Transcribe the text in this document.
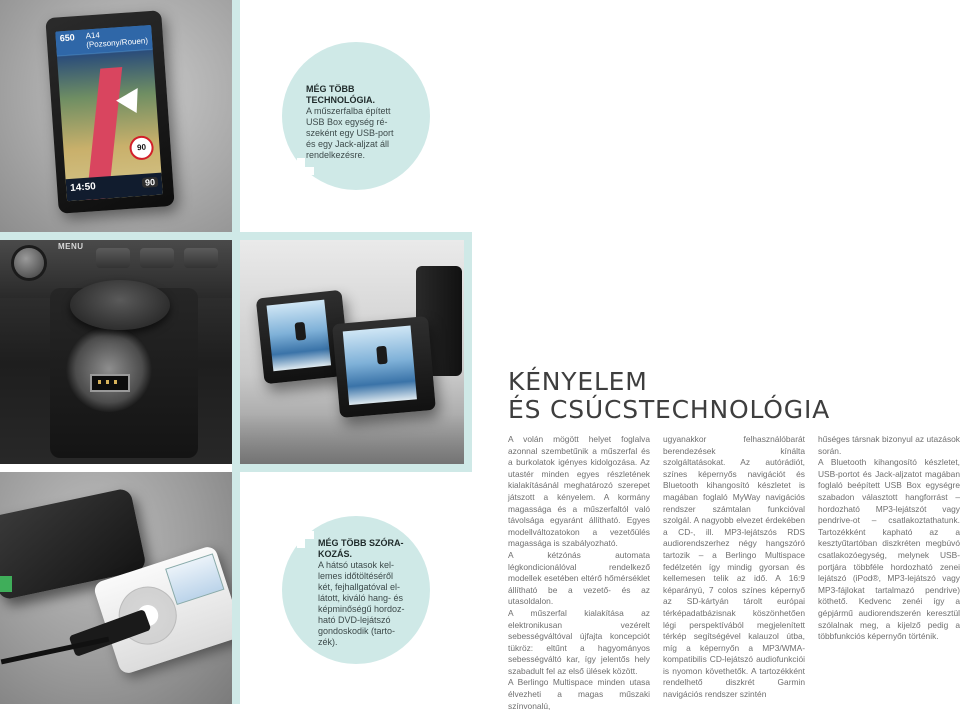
650 A14 (Pozsony/Rouen)
90
14:50	90
MENU
MÉG TÖBB
TECHNOLÓGIA.
A műszerfalba épített
USB Box egység ré-
szeként egy USB-port
és egy Jack-aljzat áll
rendelkezésre.
MÉG TÖBB SZÓRA-
KOZÁS.
A hátsó utasok kel-
lemes időtöltéséről
két, fejhallgatóval el-
látott, kiváló hang- és
képminőségű hordoz-
ható DVD-lejátszó
gondoskodik (tarto-
zék).
KÉNYELEM
ÉS CSÚCSTECHNOLÓGIA

A volán mögött helyet foglalva azonnal szembetűnik a műszerfal és a burkolatok igényes kidolgozása. Az utastér minden egyes részletének kialakításánál meghatározó szerepet játszott a kényelem. A kormány magassága és a műszerfaltól való távolsága egyaránt állítható. Egyes modellváltozatokon a vezetőülés magassága is szabályozható.

A kétzónás automata légkondicionálóval rendelkező modellek esetében eltérő hőmérséklet állítható be a vezető- és az utasoldalon.

A műszerfal kialakítása az elektronikusan vezérelt sebességváltóval újfajta koncepciót tükröz: eltűnt a hagyományos sebességváltó kar, így jelentős hely szabadult fel az első ülések között.

A Berlingo Multispace minden utasa élvezheti a magas műszaki színvonalú,

ugyanakkor felhasználóbarát berendezések kínálta szolgáltatásokat. Az autórádiót, színes képernyős navigációt és Bluetooth kihangosító készletet is magában foglaló MyWay navigációs rendszer számtalan funkcióval szolgál. A nagyobb elvezet érdekében a CD-, ill. MP3-lejátszós RDS audiorendszerhez négy hangszóró tartozik – a Berlingo Multispace fedélzetén így mindig gyorsan és kellemesen telik az idő. A 16:9 képarányú, 7 colos színes képernyő az SD-kártyán tárolt európai térképadatbázisnak köszönhetően légi perspektívából megjelenített térkép segítségével kalauzol útba, míg a képernyőn a MP3/WMA-kompatibilis CD-lejátszó audiofunkciói is nyomon követhetők. A tartozékként rendelhető diszkrét Garmin navigációs rendszer szintén

hűséges társnak bizonyul az utazások során.

A Bluetooth kihangosító készletet, USB-portot és Jack-aljzatot magában foglaló beépített USB Box egységre szabadon választott hangforrást – hordozható MP3-lejátszót vagy pendrive-ot – csatlakoztathatunk. Tartozékként kapható az a kesztyűtartóban diszkréten megbúvó csatlakozóegység, melynek USB-portjára többféle hordozható zenei lejátszó (iPod®, MP3-lejátszó vagy MP3-fájlokat tartalmazó pendrive) köthető. Kedvenc zenéi így a gépjármű audiorendszerén keresztül szólalnak meg, a kijelző pedig a többfunkciós képernyőn történik.
